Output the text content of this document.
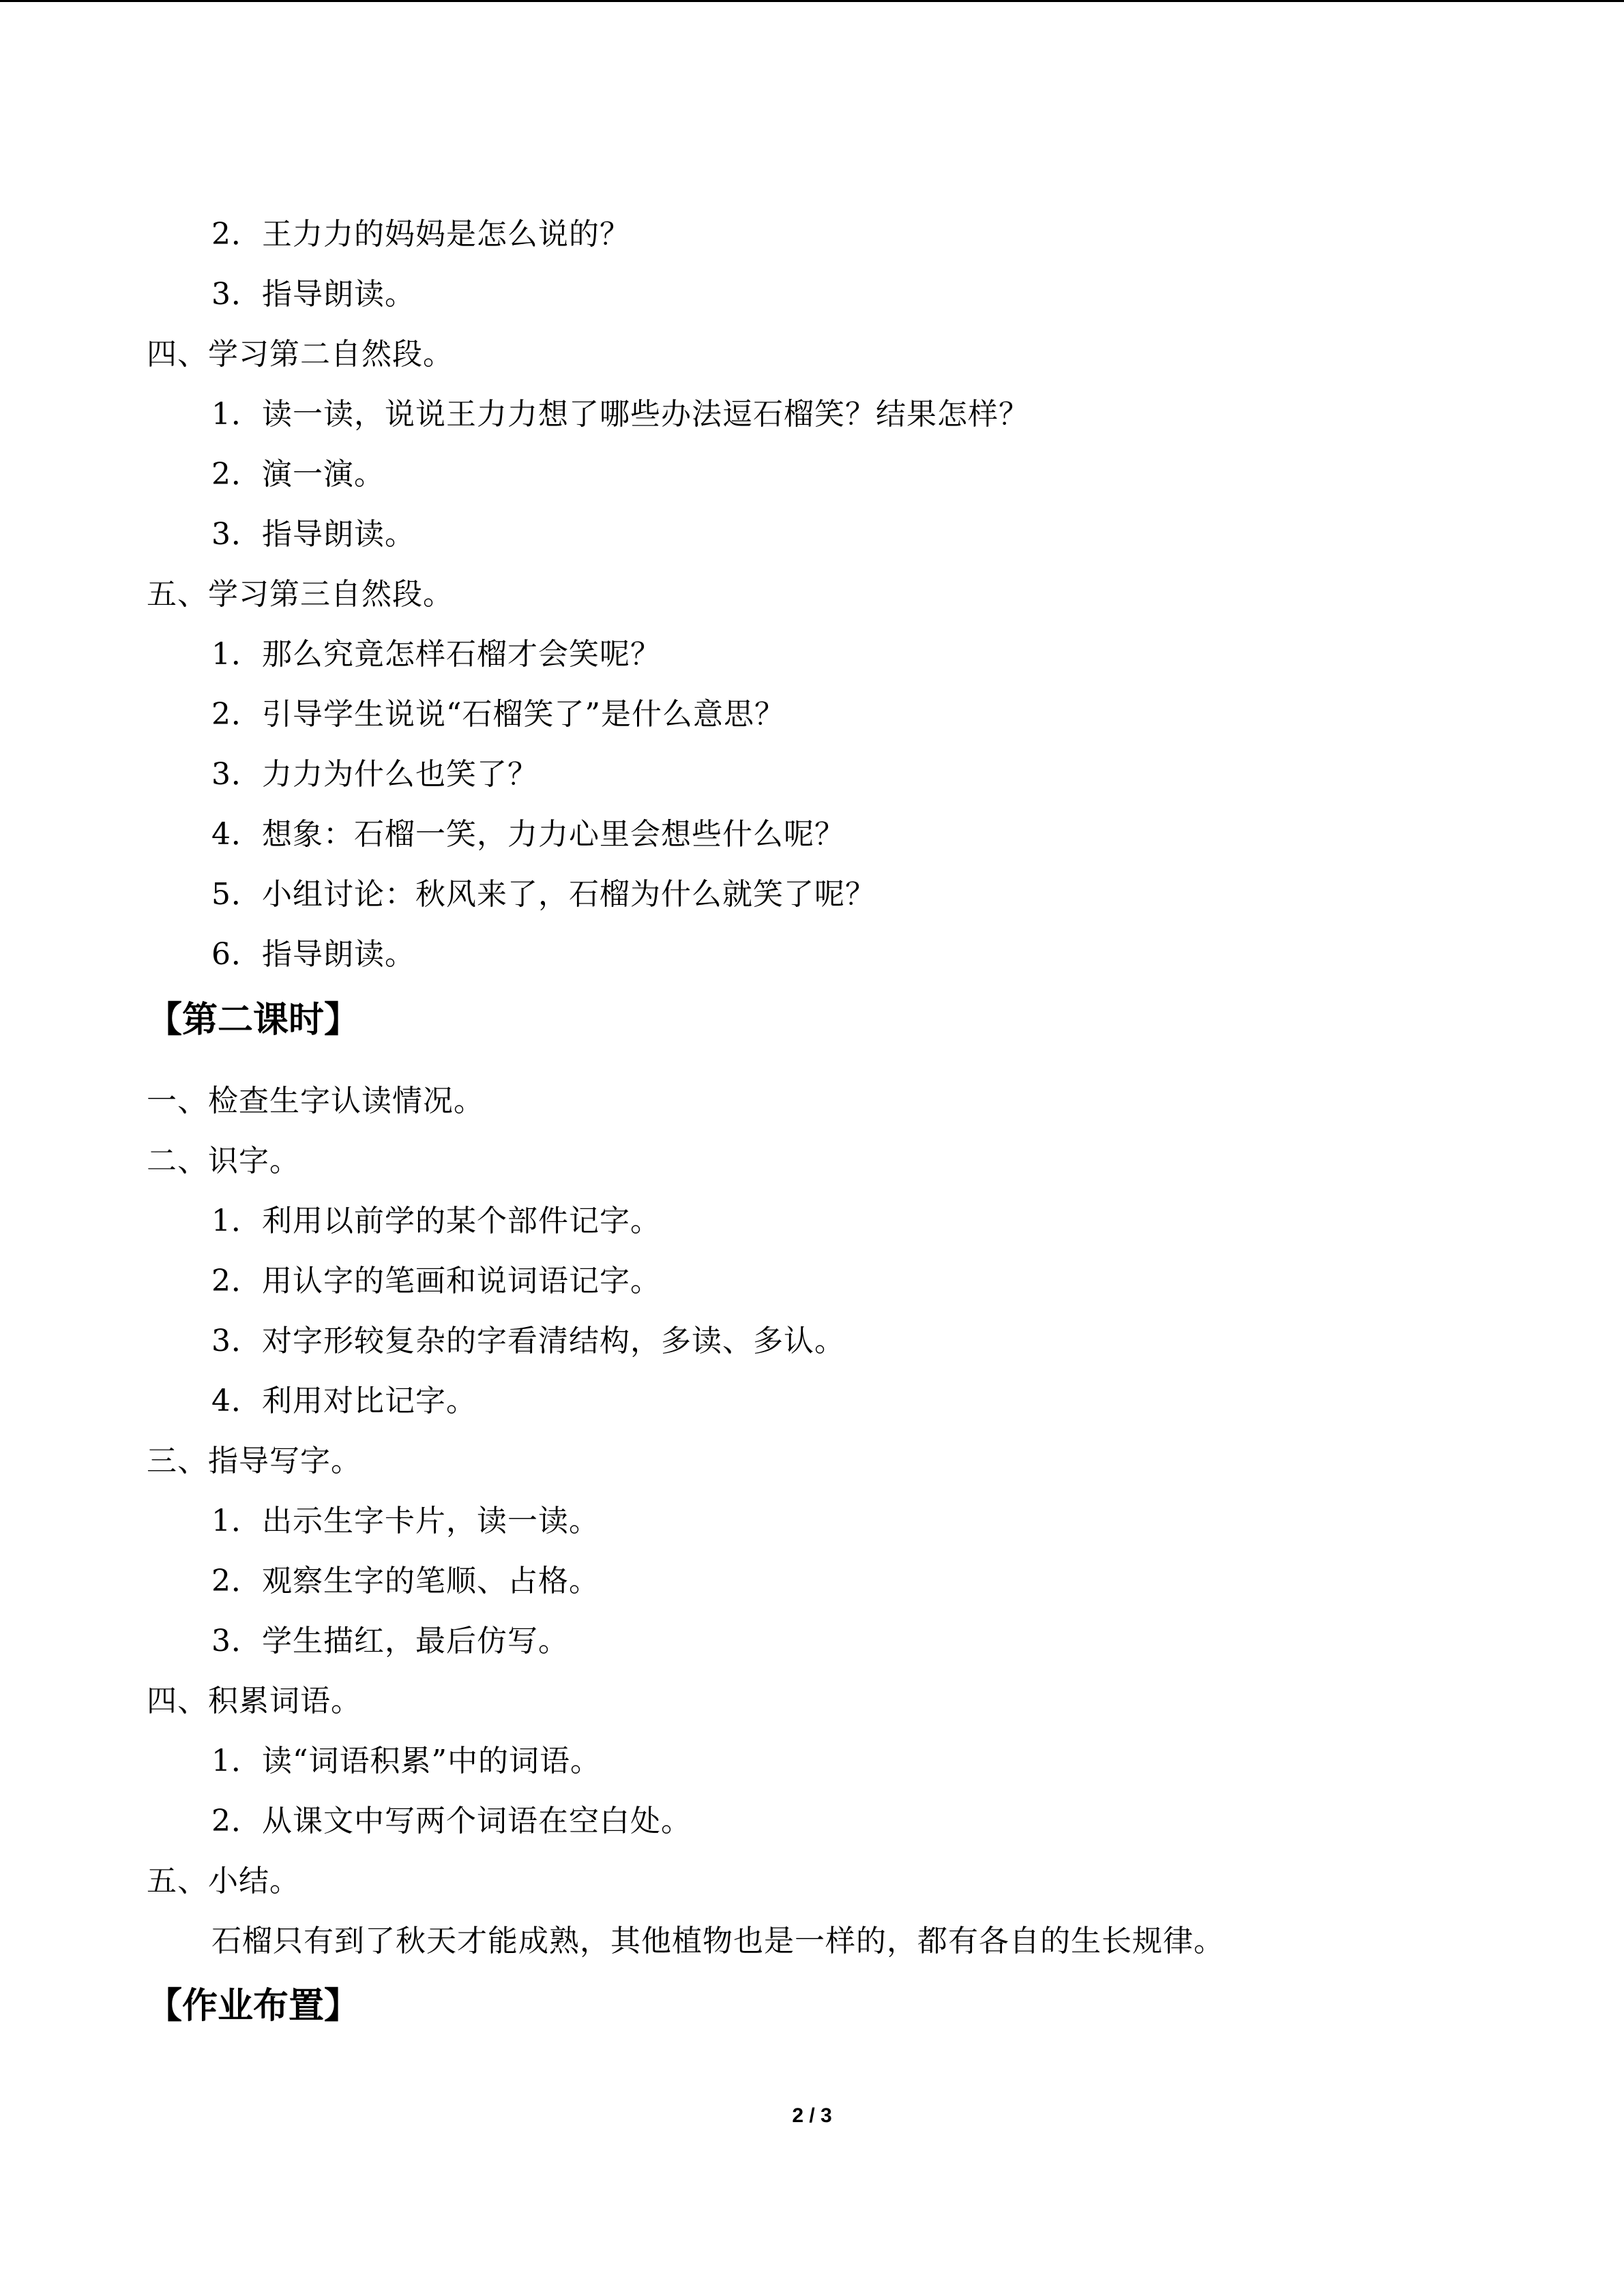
2．王力力的妈妈是怎么说的？
3．指导朗读。
四、学习第二自然段。
1．读一读，说说王力力想了哪些办法逗石榴笑？结果怎样？
2．演一演。
3．指导朗读。
五、学习第三自然段。
1．那么究竟怎样石榴才会笑呢？
2．引导学生说说“石榴笑了”是什么意思？
3．力力为什么也笑了？
4．想象：石榴一笑，力力心里会想些什么呢？
5．小组讨论：秋风来了，石榴为什么就笑了呢？
6．指导朗读。
【第二课时】
一、检查生字认读情况。
二、识字。
1．利用以前学的某个部件记字。
2．用认字的笔画和说词语记字。
3．对字形较复杂的字看清结构，多读、多认。
4．利用对比记字。
三、指导写字。
1．出示生字卡片，读一读。
2．观察生字的笔顺、占格。
3．学生描红，最后仿写。
四、积累词语。
1．读“词语积累”中的词语。
2．从课文中写两个词语在空白处。
五、小结。
石榴只有到了秋天才能成熟，其他植物也是一样的，都有各自的生长规律。
【作业布置】
2 / 3
